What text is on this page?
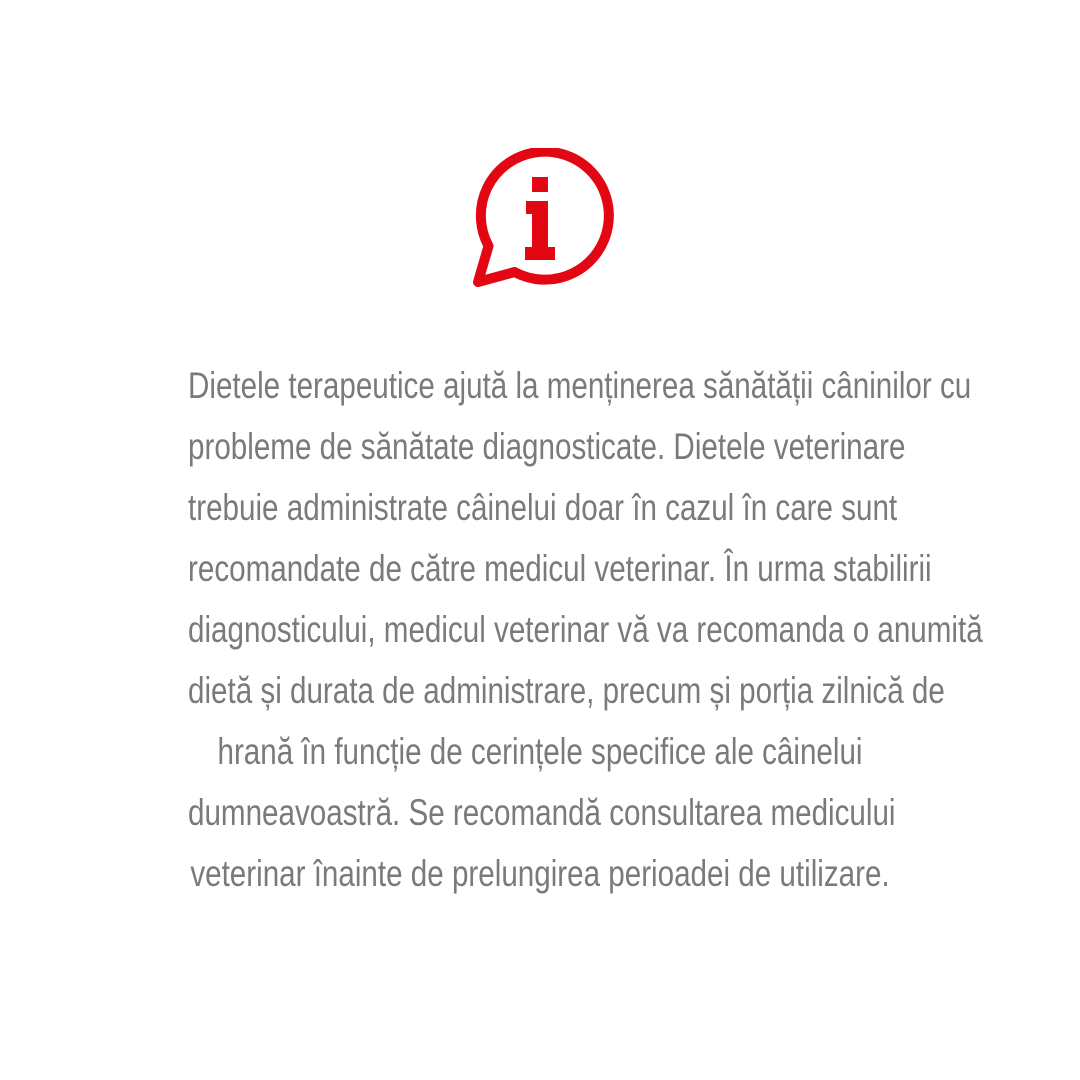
Dietele terapeutice ajută la menținerea sănătății câninilor cu
probleme de sănătate diagnosticate. Dietele veterinare
trebuie administrate câinelui doar în cazul în care sunt
recomandate de către medicul veterinar. În urma stabilirii
diagnosticului, medicul veterinar vă va recomanda o anumită
dietă și durata de administrare, precum și porția zilnică de
hrană în funcție de cerințele specifice ale câinelui
dumneavoastră. Se recomandă consultarea medicului
veterinar înainte de prelungirea perioadei de utilizare.
